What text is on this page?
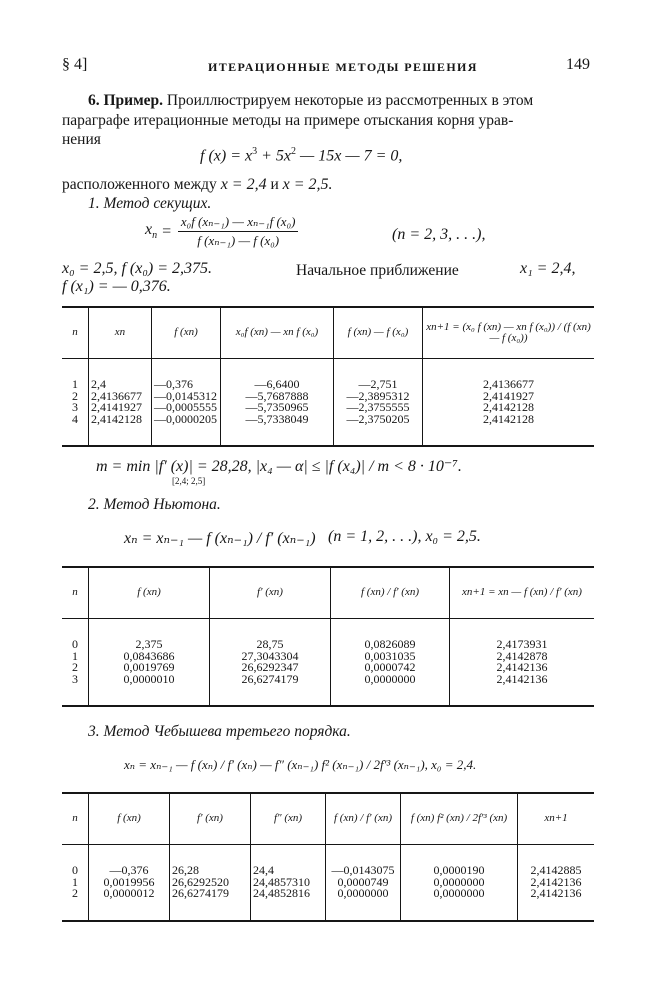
§ 4]	ИТЕРАЦИОННЫЕ МЕТОДЫ РЕШЕНИЯ	149
6. Пример. Проиллюстрируем некоторые из рассмотренных в этом
параграфе итерационные методы на примере отыскания корня урав-
нения
f $(x) = x^3 + 5x^2$ — 15x — 7 = 0,
расположенного между x = 2,4 и x = 2,5.
1. Метод секущих.
$x_n = \frac{\text{x₀f (xₙ₋₁) — xₙ₋₁f (x₀)}}{\text{f (xₙ₋₁) — f (x₀)}}$	(n = 2, 3, . . .),
x₀ = 2,5, f (x₀) = 2,375.	Начальное приближение	x₁ = 2,4,
f (x₁) = — 0,376.
n	xn	f (xn)	x₀f (xn) — xn f (x₀)	f (xn) — f (x₀)	xn+1 = (x₀ f (xn) — xn f (x₀)) / (f (xn) — f (x₀))
1	2,4	—0,376	—6,6400	—2,751	2,4136677
2	2,4136677	—0,0145312	—5,7687888	—2,3895312	2,4141927
3	2,4141927	—0,0005555	—5,7350965	—2,3755555	2,4142128
4	2,4142128	—0,0000205	—5,7338049	—2,3750205	2,4142128
m = min |f′ (x)| = 28,28, |x₄ — α| ≤ |f (x₄)| / m < 8 · 10⁻⁷.
[2,4; 2,5]
2. Метод Ньютона.
xₙ = xₙ₋₁ — f (xₙ₋₁) / f′ (xₙ₋₁) (n = 1, 2, . . .), x₀ = 2,5.
n	f (xn)	f′ (xn)	f (xn) / f′ (xn)	xn+1 = xn — f (xn) / f′ (xn)
0	2,375	28,75	0,0826089	2,4173931
1	0,0843686	27,3043304	0,0031035	2,4142878
2	0,0019769	26,6292347	0,0000742	2,4142136
3	0,0000010	26,6274179	0,0000000	2,4142136
3. Метод Чебышева третьего порядка.
xₙ = xₙ₋₁ — f (xₙ) / f′ (xₙ) — f″ (xₙ₋₁) f² (xₙ₋₁) / 2f′³ (xₙ₋₁), x₀ = 2,4.
n	f (xn)	f′ (xn)	f″ (xn)	f (xn) / f′ (xn)	f (xn) f² (xn) / 2f′³ (xn)	xn+1
0	—0,376	26,28	24,4	—0,0143075	0,0000190	2,4142885
1	0,0019956	26,6292520	24,4857310	0,0000749	0,0000000	2,4142136
2	0,0000012	26,6274179	24,4852816	0,0000000	0,0000000	2,4142136
